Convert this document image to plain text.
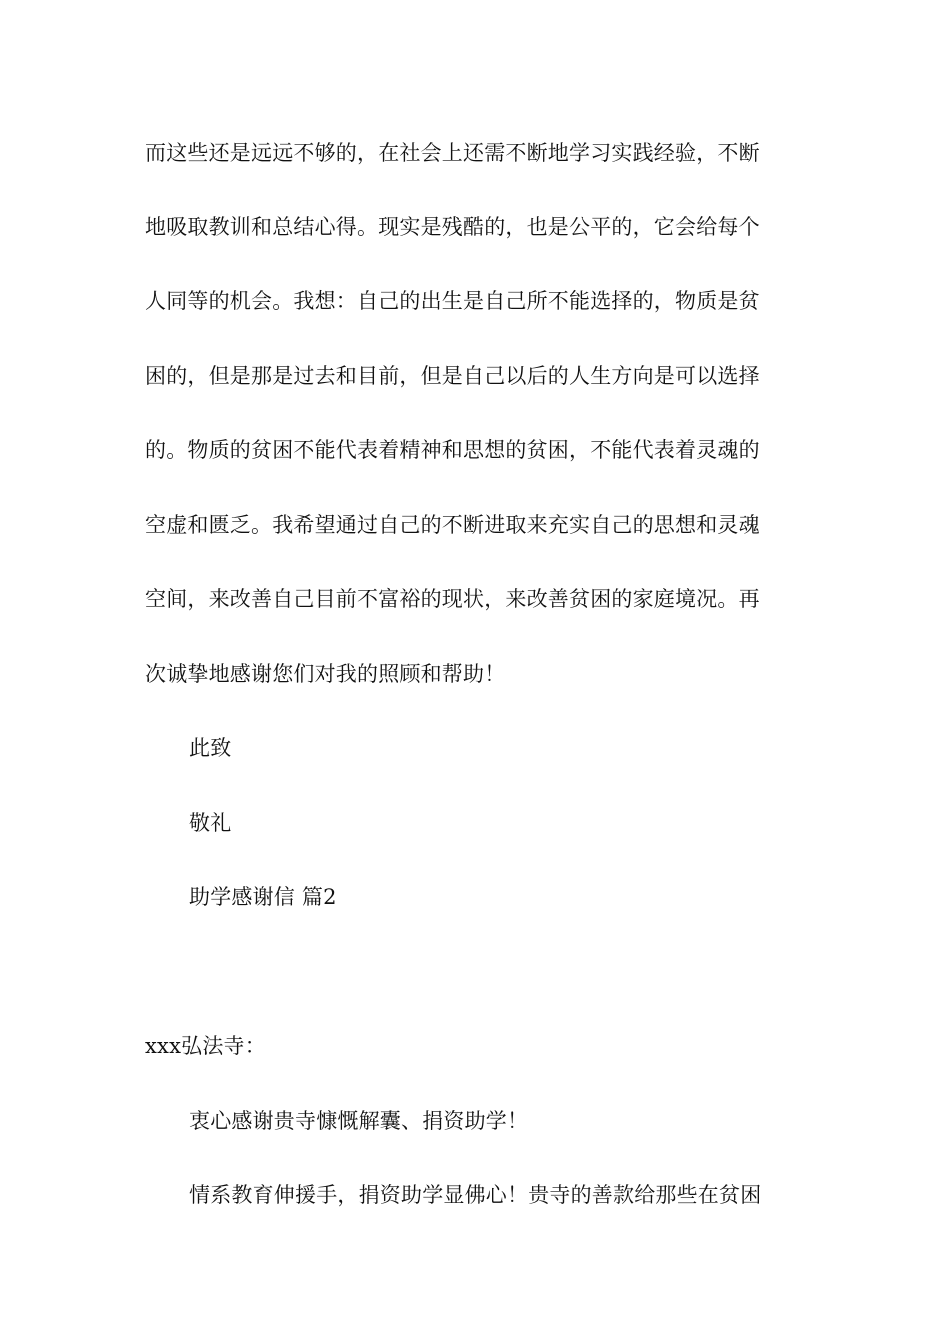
而这些还是远远不够的，在社会上还需不断地学习实践经验，不断
地吸取教训和总结心得。现实是残酷的，也是公平的，它会给每个
人同等的机会。我想：自己的出生是自己所不能选择的，物质是贫
困的，但是那是过去和目前，但是自己以后的人生方向是可以选择
的。物质的贫困不能代表着精神和思想的贫困，不能代表着灵魂的
空虚和匮乏。我希望通过自己的不断进取来充实自己的思想和灵魂
空间，来改善自己目前不富裕的现状，来改善贫困的家庭境况。再
次诚挚地感谢您们对我的照顾和帮助！
此致
敬礼
助学感谢信 篇2
xxx弘法寺：
衷心感谢贵寺慷慨解囊、捐资助学！
情系教育伸援手，捐资助学显佛心！贵寺的善款给那些在贫困
